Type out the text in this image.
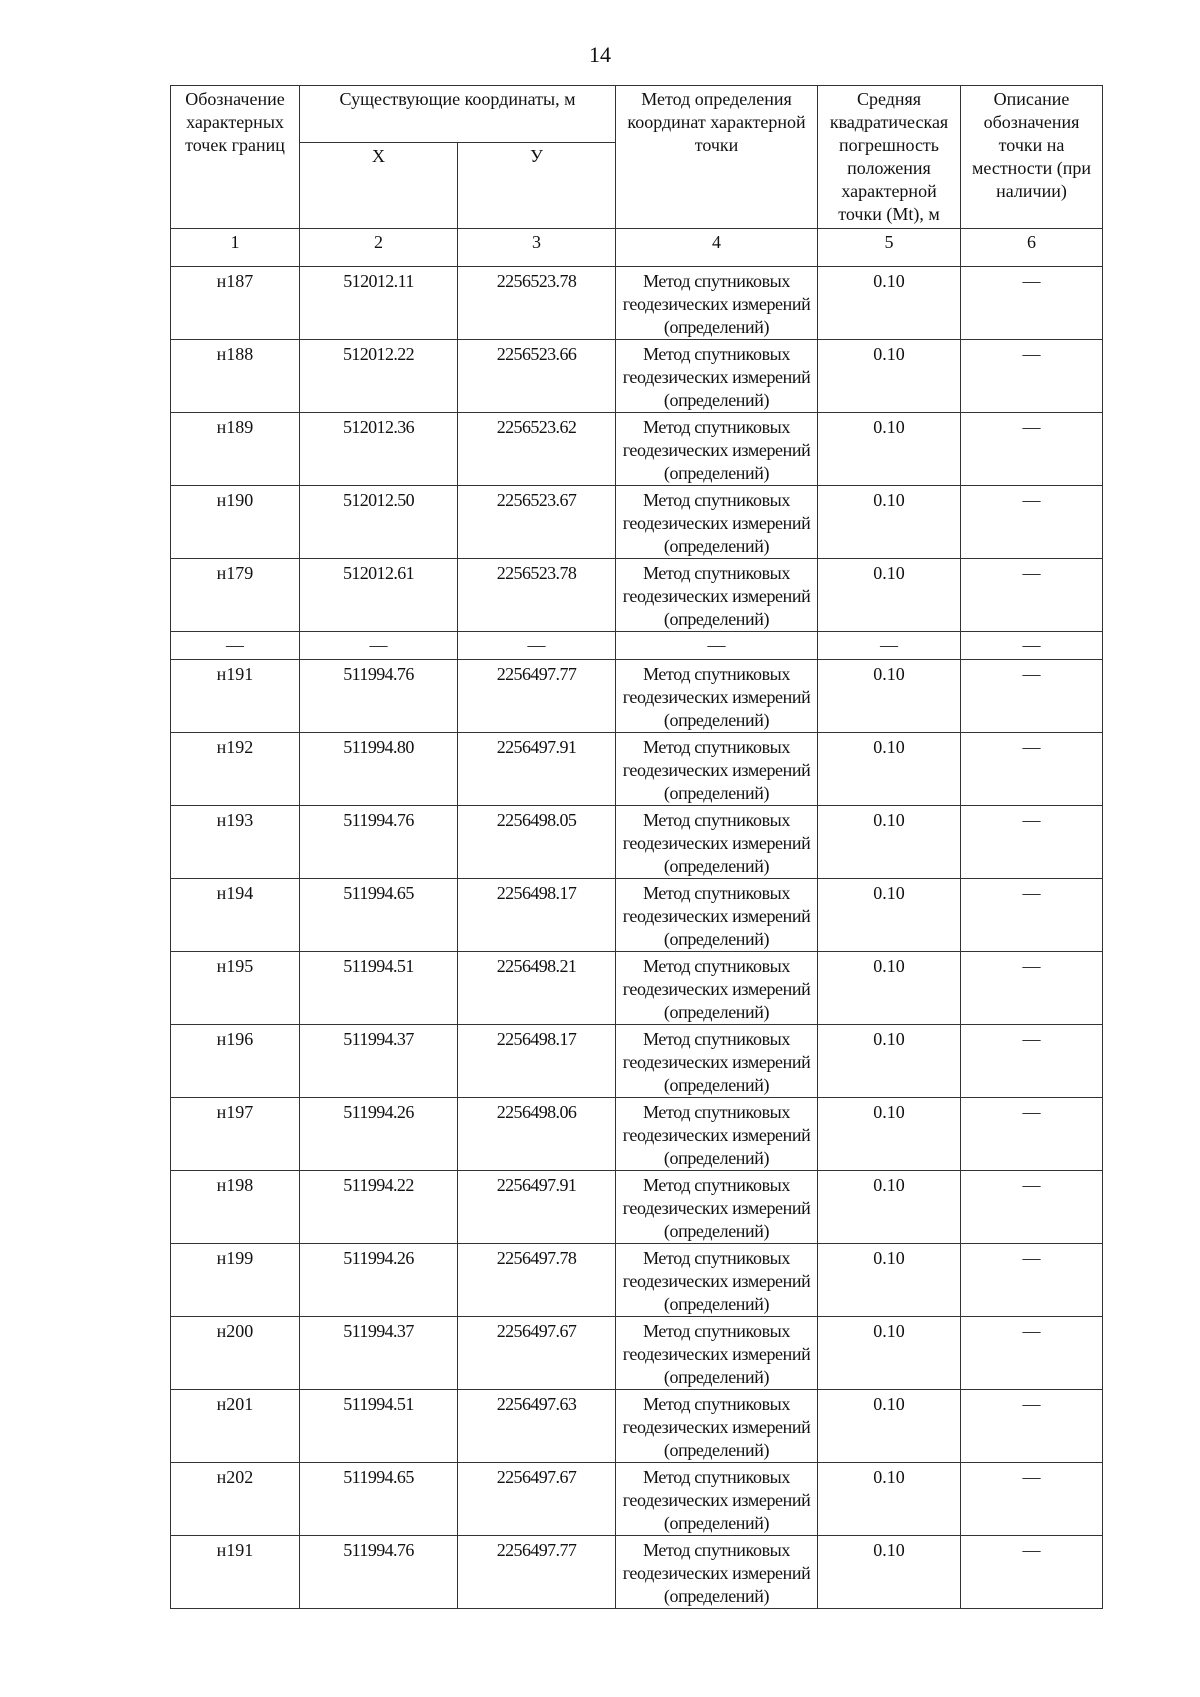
14
Обозначение характерных точек границ	Существующие координаты, м		Метод определения координат характерной точки	Средняя квадратическая погрешность положения характерной точки (Mt), м	Описание обозначения точки на местности (при наличии)
	X	У			
1	2	3	4	5	6
н187	512012.11	2256523.78	Метод спутниковых геодезических измерений (определений)	0.10	—
н188	512012.22	2256523.66	Метод спутниковых геодезических измерений (определений)	0.10	—
н189	512012.36	2256523.62	Метод спутниковых геодезических измерений (определений)	0.10	—
н190	512012.50	2256523.67	Метод спутниковых геодезических измерений (определений)	0.10	—
н179	512012.61	2256523.78	Метод спутниковых геодезических измерений (определений)	0.10	—
—	—	—	—	—	—
н191	511994.76	2256497.77	Метод спутниковых геодезических измерений (определений)	0.10	—
н192	511994.80	2256497.91	Метод спутниковых геодезических измерений (определений)	0.10	—
н193	511994.76	2256498.05	Метод спутниковых геодезических измерений (определений)	0.10	—
н194	511994.65	2256498.17	Метод спутниковых геодезических измерений (определений)	0.10	—
н195	511994.51	2256498.21	Метод спутниковых геодезических измерений (определений)	0.10	—
н196	511994.37	2256498.17	Метод спутниковых геодезических измерений (определений)	0.10	—
н197	511994.26	2256498.06	Метод спутниковых геодезических измерений (определений)	0.10	—
н198	511994.22	2256497.91	Метод спутниковых геодезических измерений (определений)	0.10	—
н199	511994.26	2256497.78	Метод спутниковых геодезических измерений (определений)	0.10	—
н200	511994.37	2256497.67	Метод спутниковых геодезических измерений (определений)	0.10	—
н201	511994.51	2256497.63	Метод спутниковых геодезических измерений (определений)	0.10	—
н202	511994.65	2256497.67	Метод спутниковых геодезических измерений (определений)	0.10	—
н191	511994.76	2256497.77	Метод спутниковых геодезических измерений (определений)	0.10	—
